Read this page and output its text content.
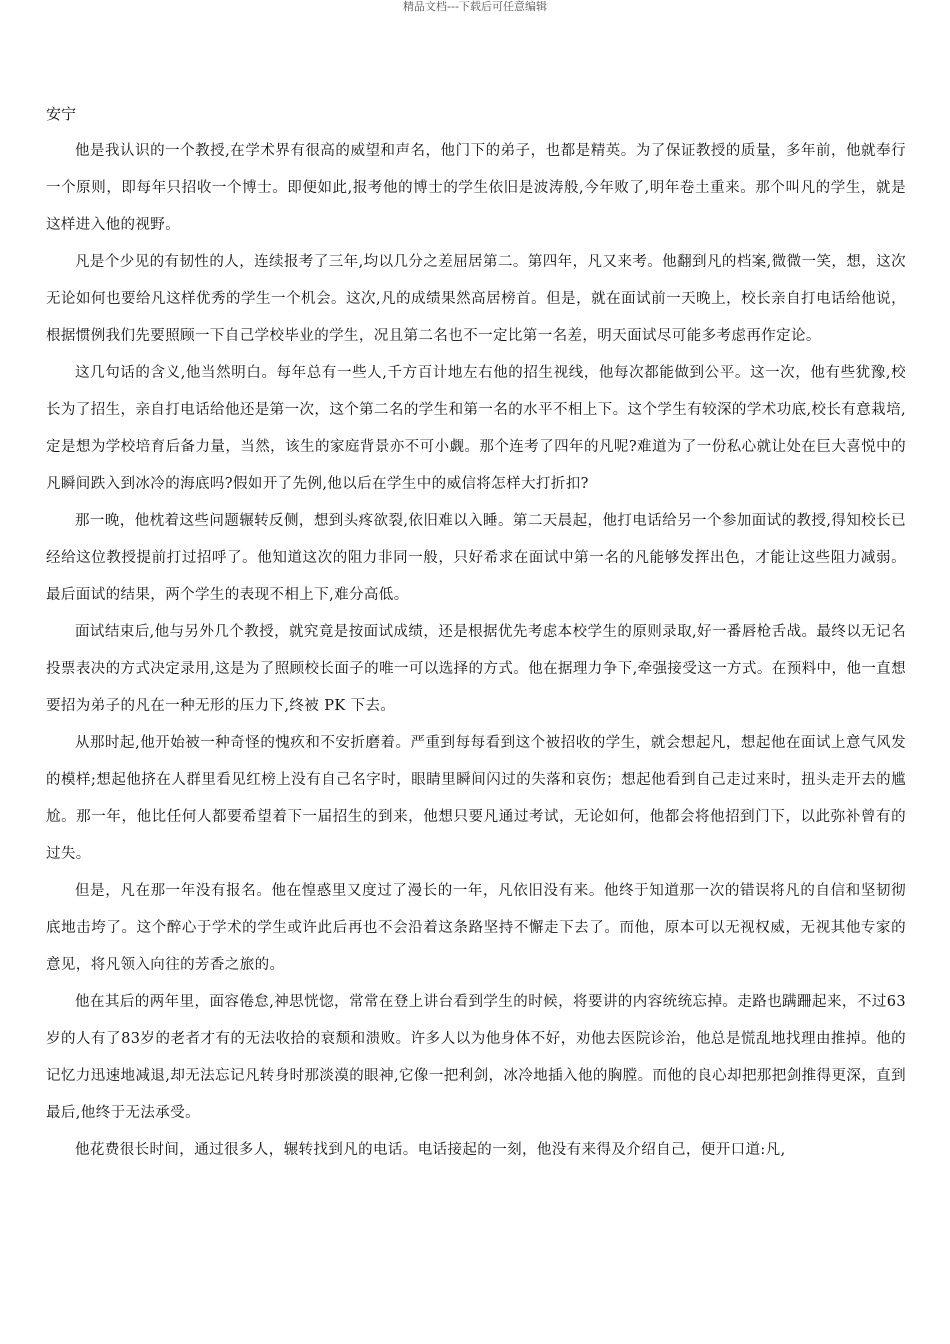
精品文档---下载后可任意编辑
安宁

他是我认识的一个教授,在学术界有很高的威望和声名，他门下的弟子，也都是精英。为了保证教授的质量，多年前，他就奉行一个原则，即每年只招收一个博士。即便如此,报考他的博士的学生依旧是波涛般,今年败了,明年卷土重来。那个叫凡的学生，就是这样进入他的视野。

凡是个少见的有韧性的人，连续报考了三年,均以几分之差屈居第二。第四年，凡又来考。他翻到凡的档案,微微一笑，想，这次无论如何也要给凡这样优秀的学生一个机会。这次,凡的成绩果然高居榜首。但是，就在面试前一天晚上，校长亲自打电话给他说，根据惯例我们先要照顾一下自己学校毕业的学生，况且第二名也不一定比第一名差，明天面试尽可能多考虑再作定论。

这几句话的含义,他当然明白。每年总有一些人,千方百计地左右他的招生视线，他每次都能做到公平。这一次，他有些犹豫,校长为了招生，亲自打电话给他还是第一次，这个第二名的学生和第一名的水平不相上下。这个学生有较深的学术功底,校长有意栽培,定是想为学校培育后备力量，当然，该生的家庭背景亦不可小觑。那个连考了四年的凡呢?难道为了一份私心就让处在巨大喜悦中的凡瞬间跌入到冰冷的海底吗?假如开了先例,他以后在学生中的威信将怎样大打折扣?

那一晚，他枕着这些问题辗转反侧，想到头疼欲裂,依旧难以入睡。第二天晨起，他打电话给另一个参加面试的教授,得知校长已经给这位教授提前打过招呼了。他知道这次的阻力非同一般，只好希求在面试中第一名的凡能够发挥出色，才能让这些阻力减弱。最后面试的结果，两个学生的表现不相上下,难分高低。

面试结束后,他与另外几个教授，就究竟是按面试成绩，还是根据优先考虑本校学生的原则录取,好一番唇枪舌战。最终以无记名投票表决的方式决定录用,这是为了照顾校长面子的唯一可以选择的方式。他在据理力争下,牵强接受这一方式。在预料中，他一直想要招为弟子的凡在一种无形的压力下,终被 PK 下去。

从那时起,他开始被一种奇怪的愧疚和不安折磨着。严重到每每看到这个被招收的学生，就会想起凡，想起他在面试上意气风发的模样;想起他挤在人群里看见红榜上没有自己名字时，眼睛里瞬间闪过的失落和哀伤；想起他看到自己走过来时，扭头走开去的尴尬。那一年，他比任何人都要希望着下一届招生的到来，他想只要凡通过考试，无论如何，他都会将他招到门下，以此弥补曾有的过失。

但是，凡在那一年没有报名。他在惶惑里又度过了漫长的一年，凡依旧没有来。他终于知道那一次的错误将凡的自信和坚韧彻底地击垮了。这个醉心于学术的学生或许此后再也不会沿着这条路坚持不懈走下去了。而他，原本可以无视权威，无视其他专家的意见，将凡领入向往的芳香之旅的。

他在其后的两年里，面容倦怠,神思恍惚，常常在登上讲台看到学生的时候，将要讲的内容统统忘掉。走路也蹒跚起来，不过63岁的人有了83岁的老者才有的无法收拾的衰颓和溃败。许多人以为他身体不好，劝他去医院诊治，他总是慌乱地找理由推掉。他的记忆力迅速地减退,却无法忘记凡转身时那淡漠的眼神,它像一把利剑，冰冷地插入他的胸膛。而他的良心却把那把剑推得更深，直到最后,他终于无法承受。

他花费很长时间，通过很多人，辗转找到凡的电话。电话接起的一刻，他没有来得及介绍自己，便开口道:凡,
